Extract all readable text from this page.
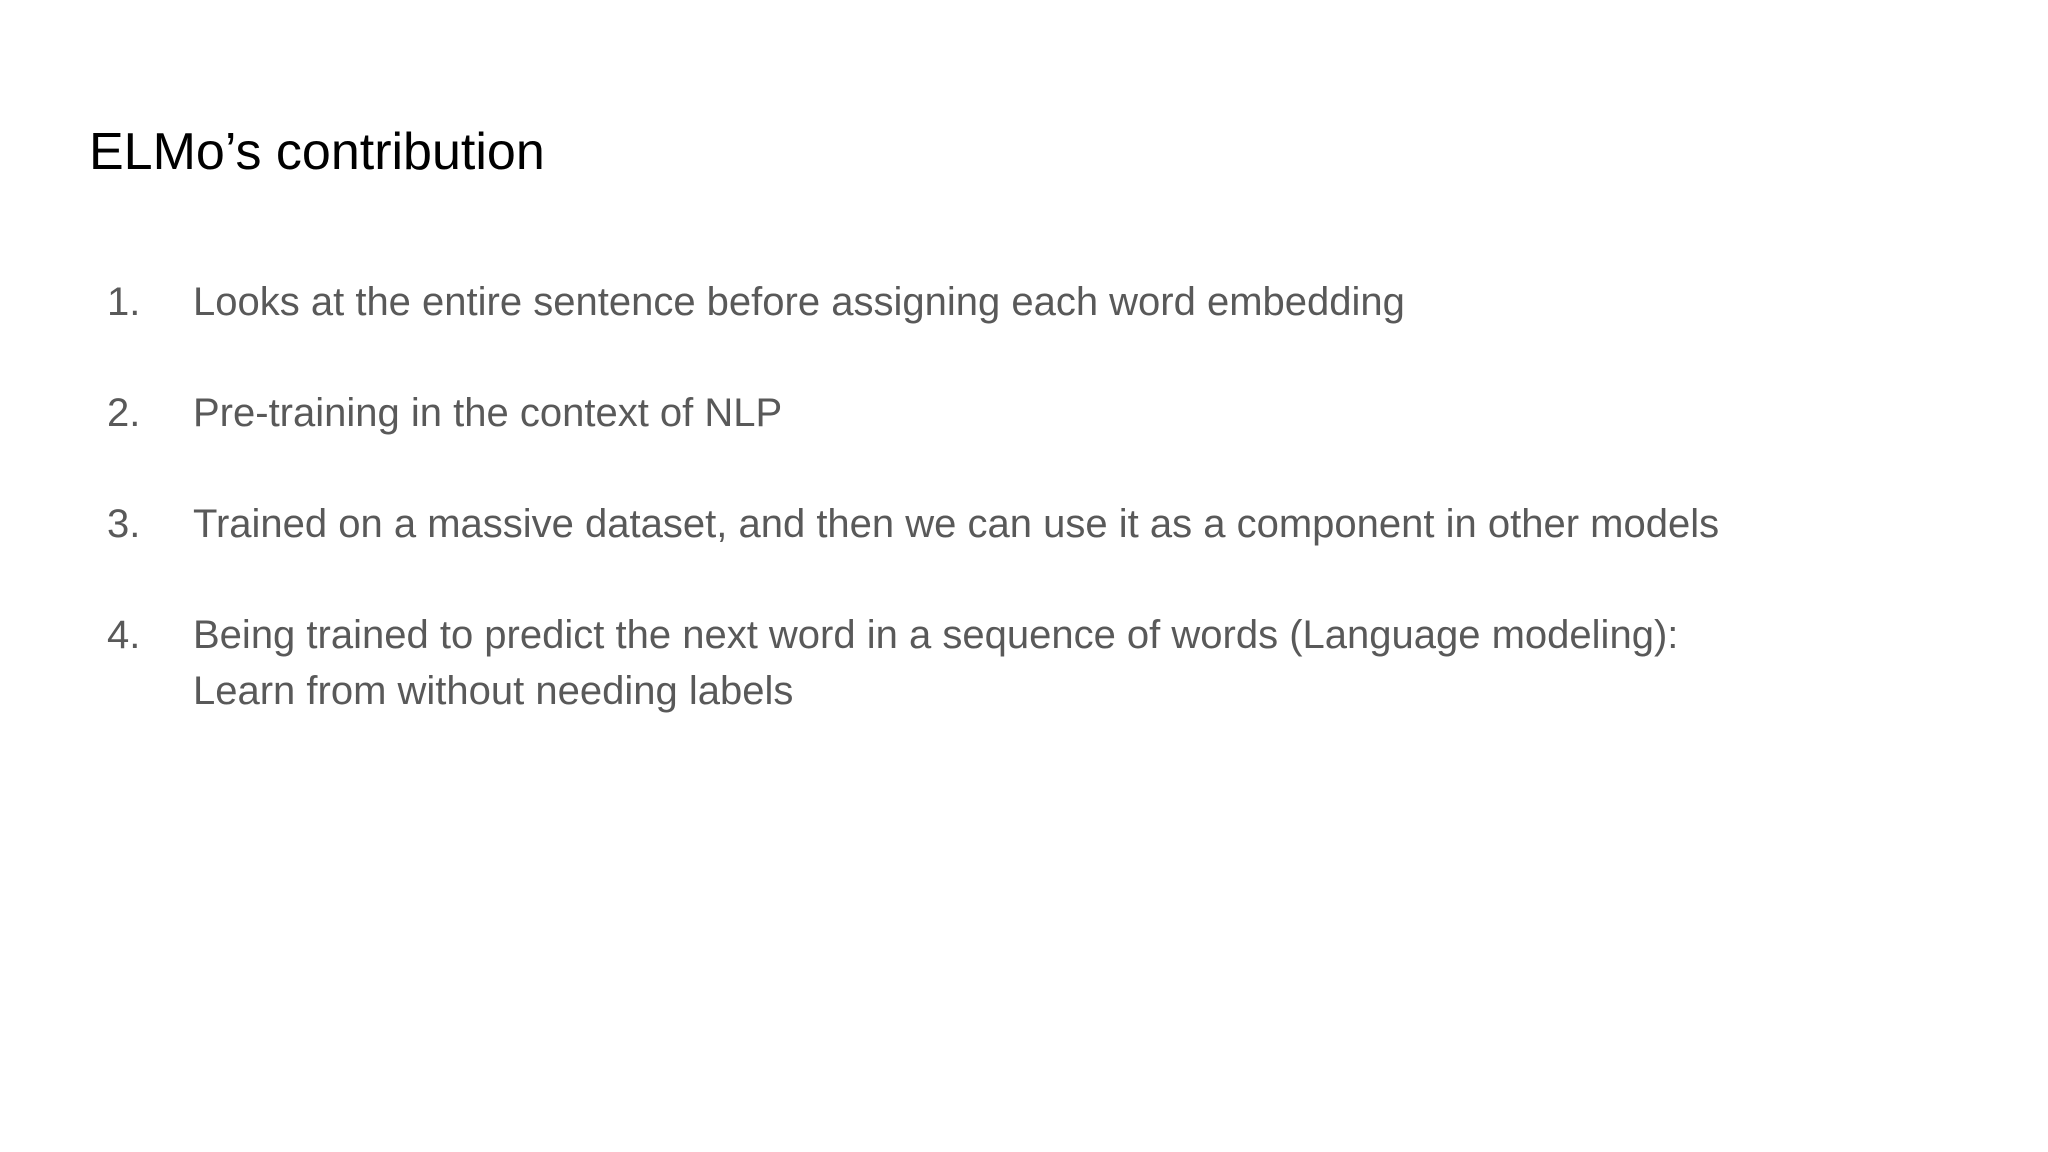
ELMo’s contribution
1.	Looks at the entire sentence before assigning each word embedding
2.	Pre-training in the context of NLP
3.	Trained on a massive dataset, and then we can use it as a component in other models
4.	Being trained to predict the next word in a sequence of words (Language modeling):
Learn from without needing labels
